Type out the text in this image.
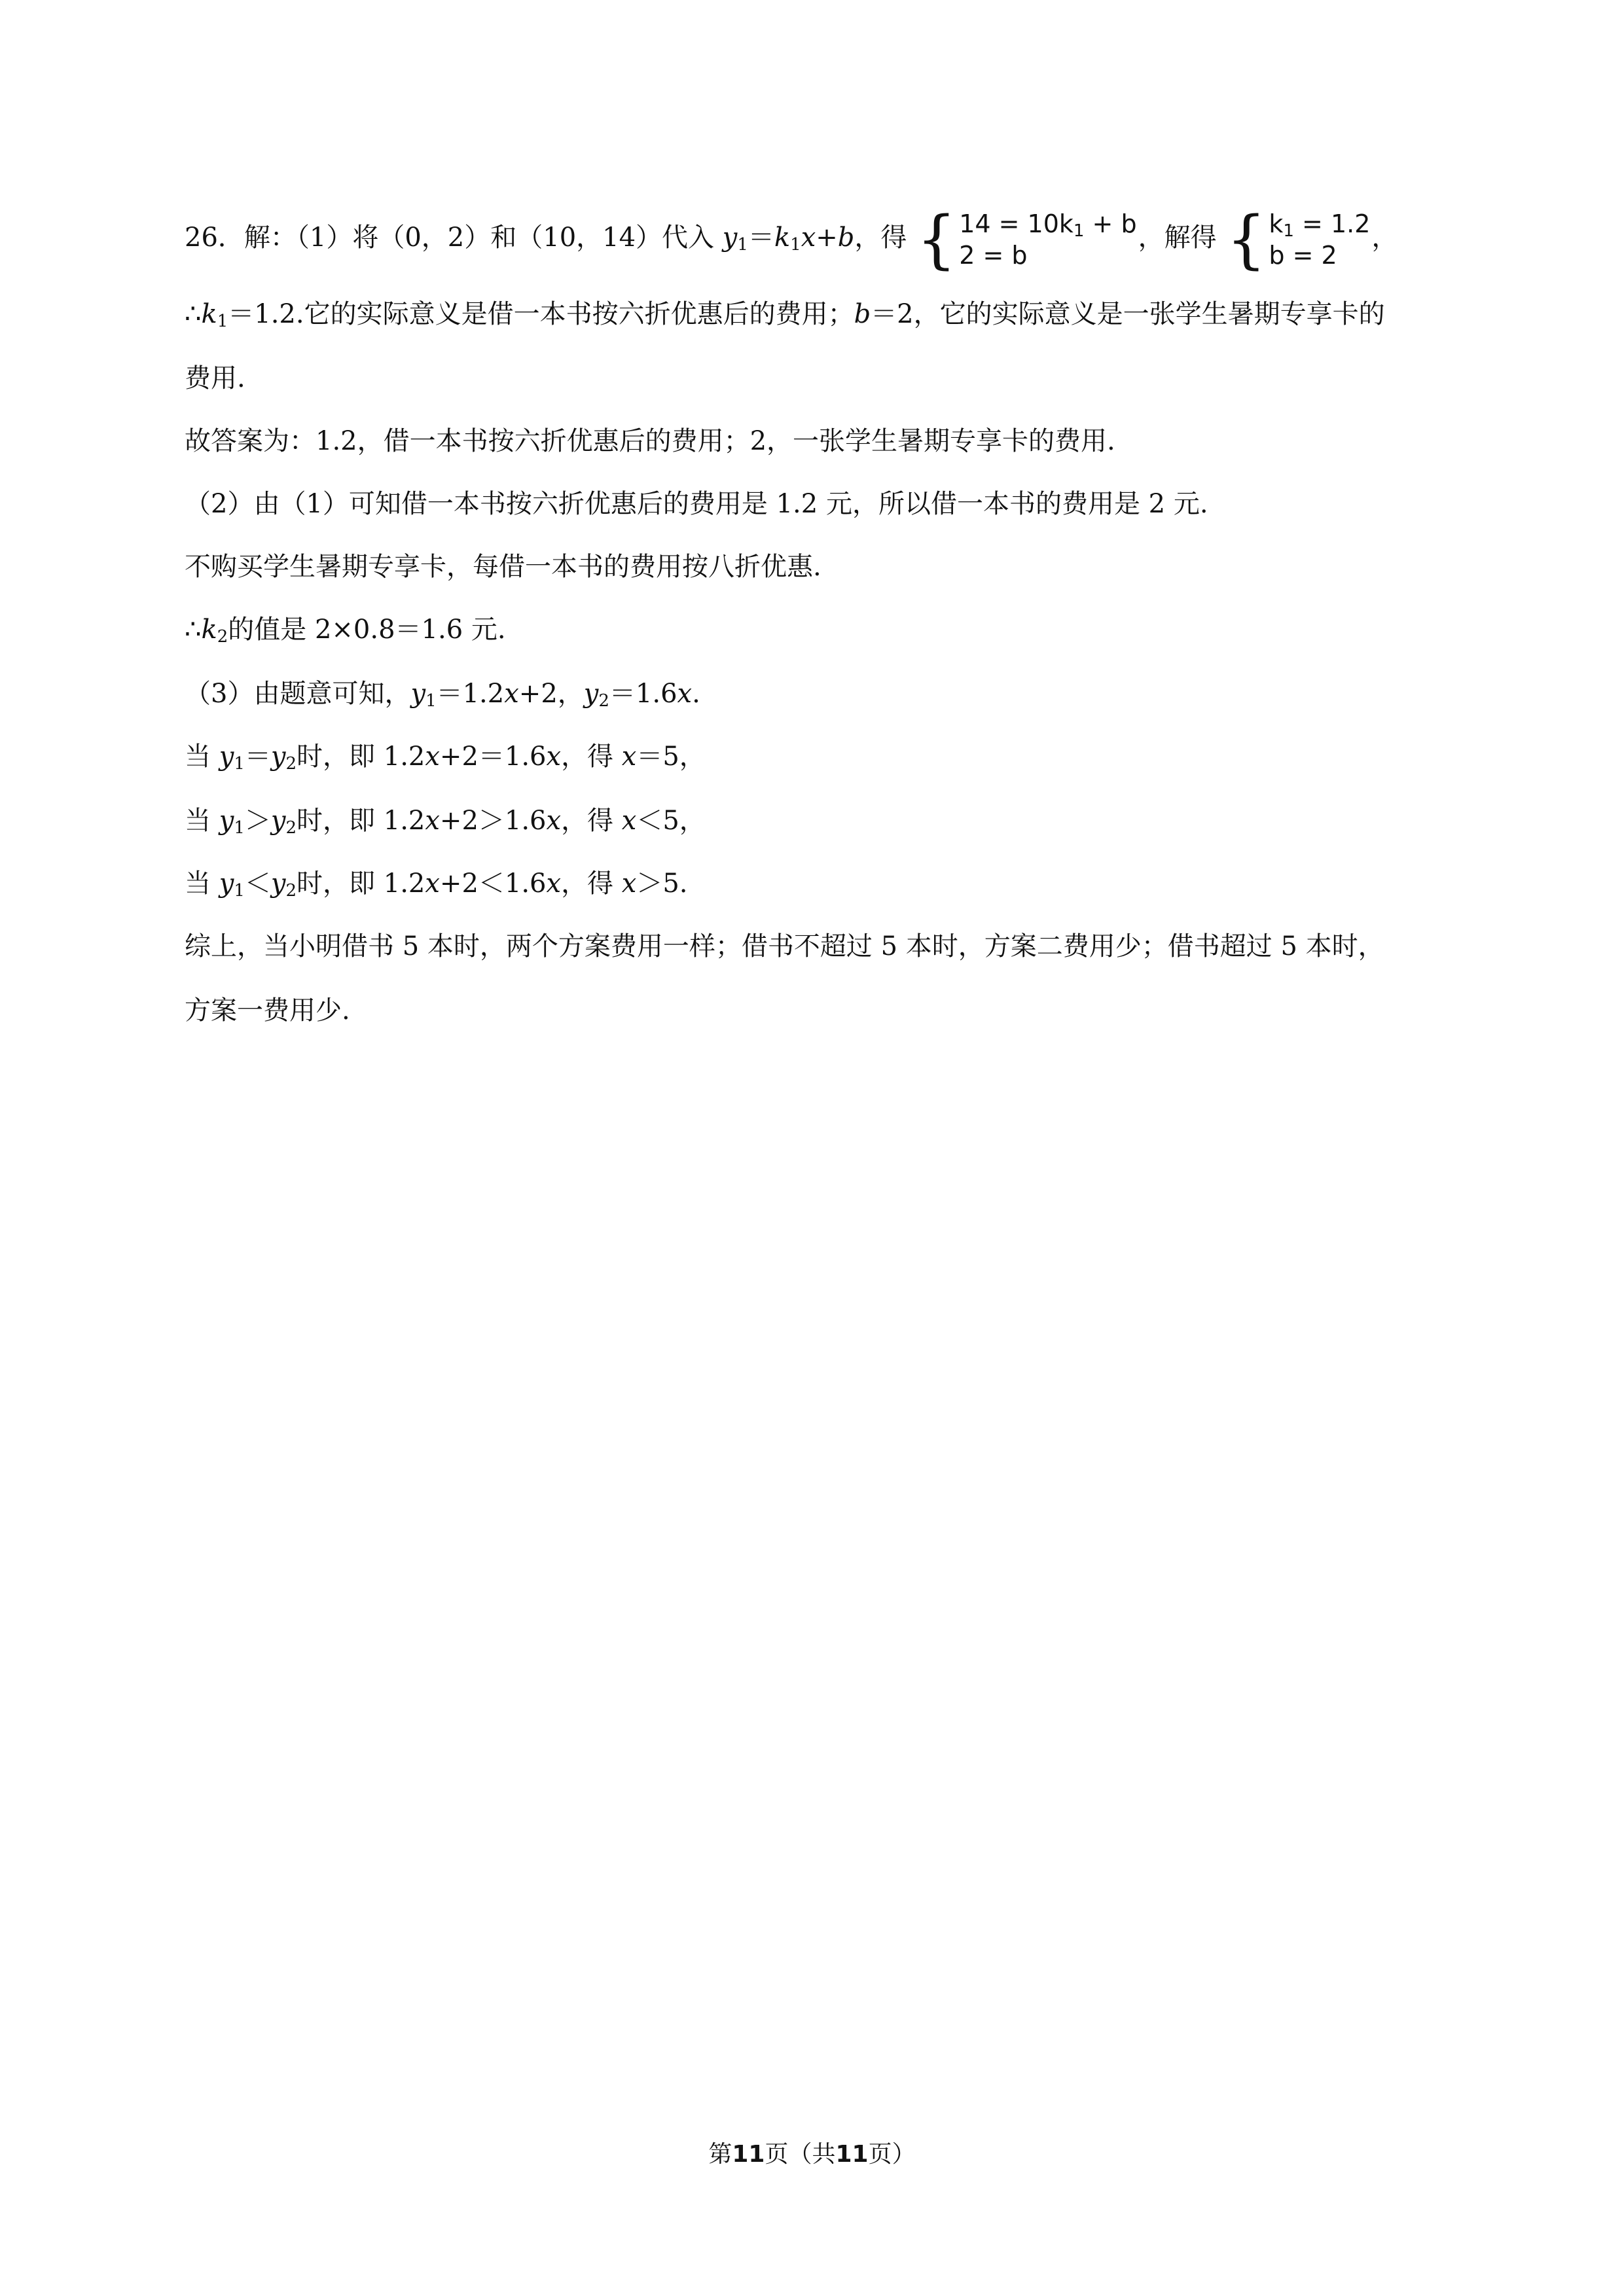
26．解：（1）将（0，2）和（10，14）代入 $y_1=k_1x+b$，得 { $14 = 10k_1 + b$
2 = b
，解得 { $k_1 = 1.2$
b = 2
，
$\therefore k_1=1.2$.它的实际意义是借一本书按六折优惠后的费用；b＝2，它的实际意义是一张学生暑期专享卡的
费用.
故答案为：1.2，借一本书按六折优惠后的费用；2，一张学生暑期专享卡的费用.
（2）由（1）可知借一本书按六折优惠后的费用是 1.2 元，所以借一本书的费用是 2 元.
不购买学生暑期专享卡，每借一本书的费用按八折优惠.
$\therefore k_2$的值是 2×0.8＝1.6 元.
（3）由题意可知，$y_1=1.2x+2$，$y_2=1.6x$.
当 $y_1=y_2$时，即 1.2x+2＝1.6x，得 x＝5，
当 $y_1>y_2$时，即 1.2x+2＞1.6x，得 x＜5，
当 $y_1<y_2$时，即 1.2x+2＜1.6x，得 x＞5.
综上，当小明借书 5 本时，两个方案费用一样；借书不超过 5 本时，方案二费用少；借书超过 5 本时，
方案一费用少.
第11页（共11页）
